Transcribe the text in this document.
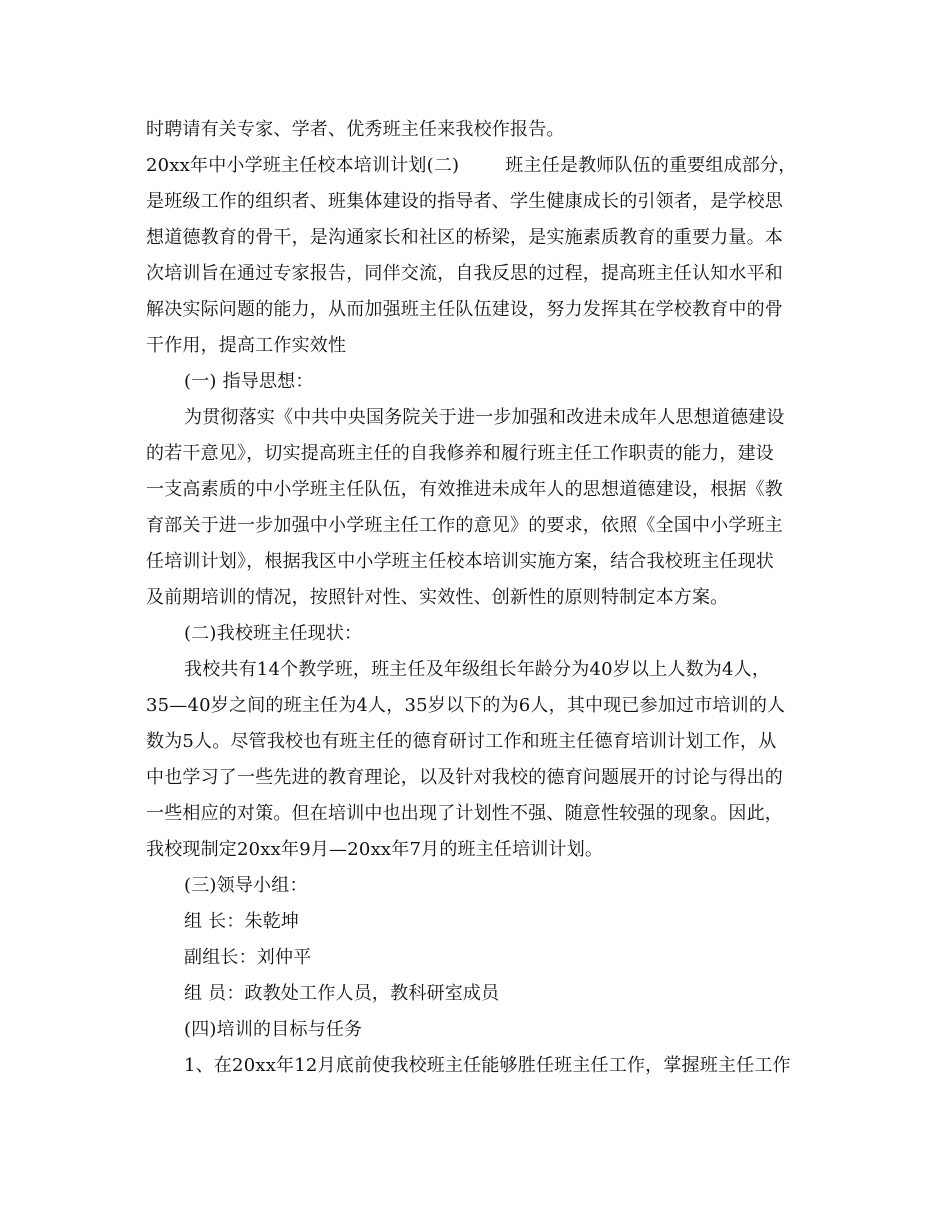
时聘请有关专家、学者、优秀班主任来我校作报告。
20xx年中小学班主任校本培训计划(二)	班主任是教师队伍的重要组成部分，
是班级工作的组织者、班集体建设的指导者、学生健康成长的引领者，是学校思
想道德教育的骨干，是沟通家长和社区的桥梁，是实施素质教育的重要力量。本
次培训旨在通过专家报告，同伴交流，自我反思的过程，提高班主任认知水平和
解决实际问题的能力，从而加强班主任队伍建设，努力发挥其在学校教育中的骨
干作用，提高工作实效性
(一) 指导思想：
为贯彻落实《中共中央国务院关于进一步加强和改进未成年人思想道德建设
的若干意见》，切实提高班主任的自我修养和履行班主任工作职责的能力，建设
一支高素质的中小学班主任队伍，有效推进未成年人的思想道德建设，根据《教
育部关于进一步加强中小学班主任工作的意见》的要求，依照《全国中小学班主
任培训计划》，根据我区中小学班主任校本培训实施方案，结合我校班主任现状
及前期培训的情况，按照针对性、实效性、创新性的原则特制定本方案。
(二)我校班主任现状：
我校共有14个教学班，班主任及年级组长年龄分为40岁以上人数为4人，
35—40岁之间的班主任为4人，35岁以下的为6人，其中现已参加过市培训的人
数为5人。尽管我校也有班主任的德育研讨工作和班主任德育培训计划工作，从
中也学习了一些先进的教育理论，以及针对我校的德育问题展开的讨论与得出的
一些相应的对策。但在培训中也出现了计划性不强、随意性较强的现象。因此，
我校现制定20xx年9月—20xx年7月的班主任培训计划。
(三)领导小组：
组 长：朱乾坤
副组长：刘仲平
组 员：政教处工作人员，教科研室成员
(四)培训的目标与任务
1、在20xx年12月底前使我校班主任能够胜任班主任工作，掌握班主任工作
